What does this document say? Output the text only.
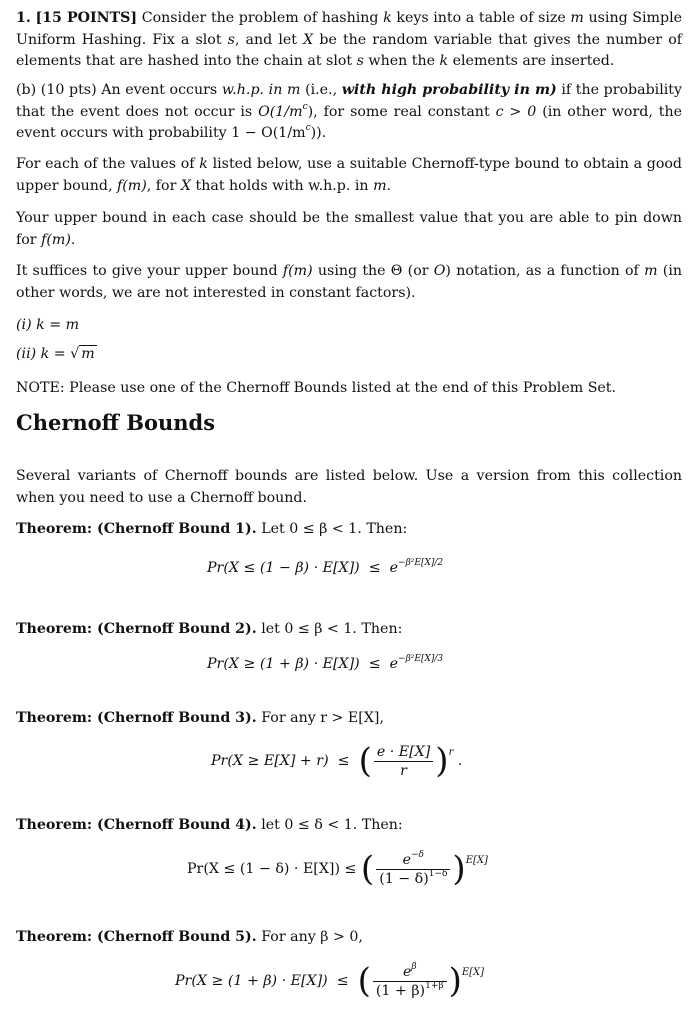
1. [15 POINTS] Consider the problem of hashing k keys into a table of size m using Simple Uniform Hashing. Fix a slot s, and let X be the random variable that gives the number of elements that are hashed into the chain at slot s when the k elements are inserted.

(b) (10 pts) An event occurs w.h.p. in m (i.e., with high probability in m) if the probability that the event does not occur is $O(1/m^c)$, for some real constant c > 0 (in other word, the event occurs with probability $1 - O(1/m^c)$).

For each of the values of k listed below, use a suitable Chernoff-type bound to obtain a good upper bound, f(m), for X that holds with w.h.p. in m.

Your upper bound in each case should be the smallest value that you are able to pin down for f(m).

It suffices to give your upper bound f(m) using the Θ (or O) notation, as a function of m (in other words, we are not interested in constant factors).

(i) k = m

(ii) k = √ m

NOTE: Please use one of the Chernoff Bounds listed at the end of this Problem Set.

Chernoff Bounds

Several variants of Chernoff bounds are listed below. Use a version from this collection when you need to use a Chernoff bound.

Theorem: (Chernoff Bound 1). Let 0 ≤ β < 1. Then:

$Pr(X \le (1 - \beta) \cdot E[X]) \le e^{-\beta^2E[X]/2}$

Theorem: (Chernoff Bound 2). let 0 ≤ β < 1. Then:

$Pr(X \ge (1 + \beta) \cdot E[X]) \le e^{-\beta^2E[X]/3}$

Theorem: (Chernoff Bound 3). For any r > E[X],

Pr(X ≥ E[X] + r) ≤ ( $\frac{e \cdot E[X]}{r} )r$ .

Theorem: (Chernoff Bound 4). let 0 ≤ δ < 1. Then:

Pr(X ≤ (1 − δ) · E[X]) ≤ ( $\frac{e^{-\delta}}{(1 - \delta)^{1-\delta}} )E[X]$

Theorem: (Chernoff Bound 5). For any β > 0,

Pr(X ≥ (1 + β) · E[X]) ≤ ( $\frac{e^\beta}{(1 + \beta)^{1+\beta}} )E[X]$
